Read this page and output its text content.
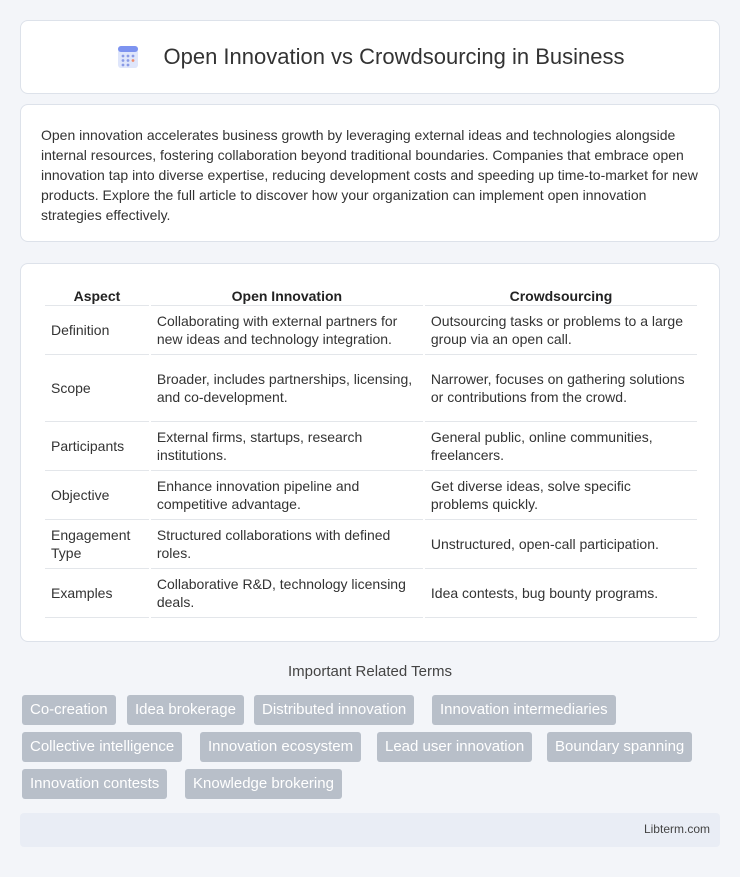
Open Innovation vs Crowdsourcing in Business

Open innovation accelerates business growth by leveraging external ideas and technologies alongside internal resources, fostering collaboration beyond traditional boundaries. Companies that embrace open innovation tap into diverse expertise, reducing development costs and speeding up time-to-market for new products. Explore the full article to discover how your organization can implement open innovation strategies effectively.

Aspect	Open Innovation	Crowdsourcing
Definition	Collaborating with external partners for new ideas and technology integration.	Outsourcing tasks or problems to a large group via an open call.
Scope	Broader, includes partnerships, licensing, and co-development.	Narrower, focuses on gathering solutions or contributions from the crowd.
Participants	External firms, startups, research institutions.	General public, online communities, freelancers.
Objective	Enhance innovation pipeline and competitive advantage.	Get diverse ideas, solve specific problems quickly.
Engagement Type	Structured collaborations with defined roles.	Unstructured, open-call participation.
Examples	Collaborative R&D, technology licensing deals.	Idea contests, bug bounty programs.
Important Related Terms
Co-creation	Idea brokerage	Distributed innovation	Innovation intermediaries
Collective intelligence	Innovation ecosystem	Lead user innovation	Boundary spanning
Innovation contests	Knowledge brokering
Libterm.com
